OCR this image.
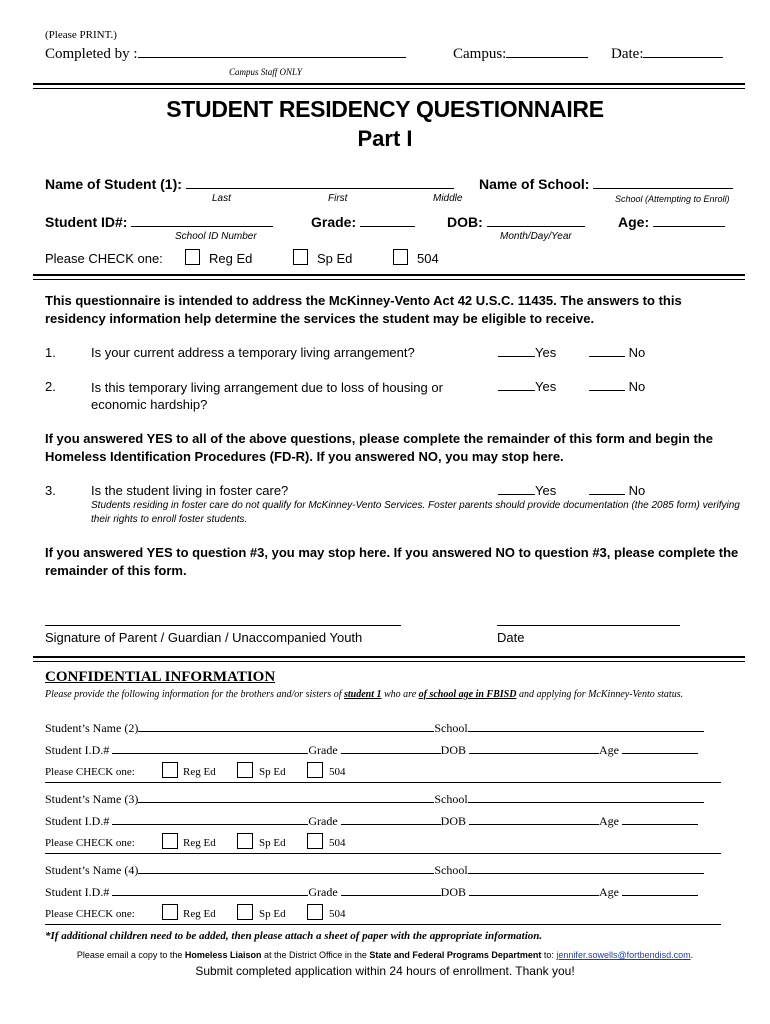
(Please PRINT.)
Completed by :
Campus Staff ONLY
Campus:	Date:
STUDENT RESIDENCY QUESTIONNAIRE
Part I
Name of Student (1):
Last	First	Middle
Name of School:
School (Attempting to Enroll)
Student ID#:
School ID Number
Grade:	DOB:
Month/Day/Year
Age:
Please CHECK one:	Reg Ed	Sp Ed	504
This questionnaire is intended to address the McKinney-Vento Act 42 U.S.C. 11435. The answers to this residency information help determine the services the student may be eligible to receive.
1.	Is your current address a temporary living arrangement?	Yes	No
2.	Is this temporary living arrangement due to loss of housing or economic hardship?
Yes	No
If you answered YES to all of the above questions, please complete the remainder of this form and begin the Homeless Identification Procedures (FD-R). If you answered NO, you may stop here.
3.	Is the student living in foster care?	Yes	No
Students residing in foster care do not qualify for McKinney-Vento Services. Foster parents should provide documentation (the 2085 form) verifying their rights to enroll foster students.
If you answered YES to question #3, you may stop here. If you answered NO to question #3, please complete the remainder of this form.
Signature of Parent / Guardian / Unaccompanied Youth	Date
CONFIDENTIAL INFORMATION
Please provide the following information for the brothers and/or sisters of student 1 who are of school age in FBISD and applying for McKinney-Vento status.
Student’s Name (2)	School
Student I.D.#	Grade	DOB	Age
Please CHECK one:	Reg Ed	Sp Ed	504
Student’s Name (3)	School
Student I.D.#	Grade	DOB	Age
Please CHECK one:	Reg Ed	Sp Ed	504
Student’s Name (4)	School
Student I.D.#	Grade	DOB	Age
Please CHECK one:	Reg Ed	Sp Ed	504
*If additional children need to be added, then please attach a sheet of paper with the appropriate information.
Please email a copy to the Homeless Liaison at the District Office in the State and Federal Programs Department to: jennifer.sowells@fortbendisd.com.
Submit completed application within 24 hours of enrollment. Thank you!
